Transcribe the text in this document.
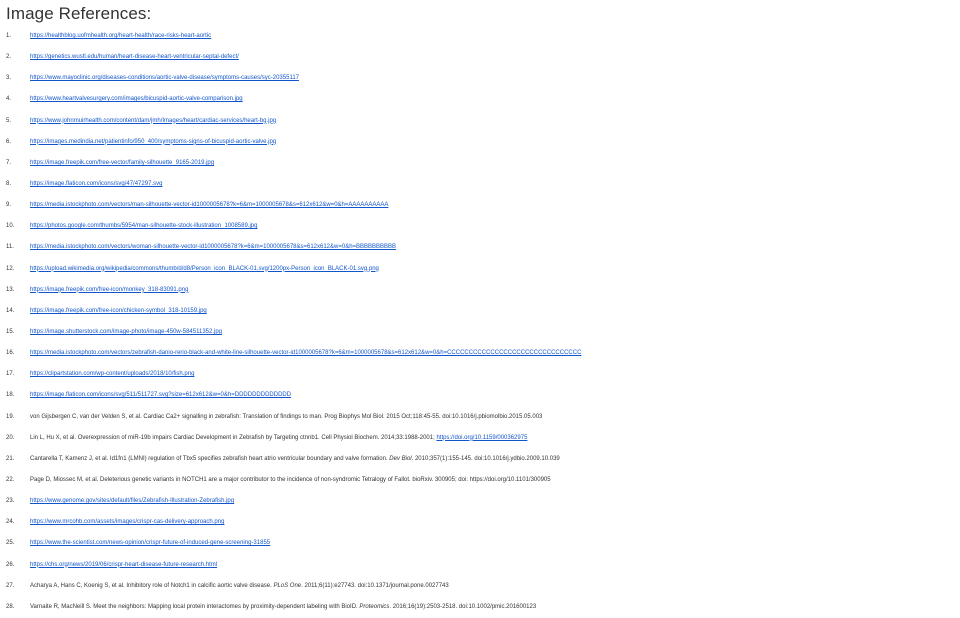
Image References:
1.	https://healthblog.uofmhealth.org/heart-health/race-risks-heart-aortic
2.	https://genetics.wustl.edu/human/heart-disease-heart-ventricular-septal-defect/
3.	https://www.mayoclinic.org/diseases-conditions/aortic-valve-disease/symptoms-causes/syc-20355117
4.	https://www.heartvalvesurgery.com/images/bicuspid-aortic-valve-comparison.jpg
5.	https://www.johnmuirhealth.com/content/dam/jmh/Images/heart/cardiac-services/heart-bg.jpg
6.	https://images.medindia.net/patientinfo/950_400/symptoms-signs-of-bicuspid-aortic-valve.jpg
7.	https://image.freepik.com/free-vector/family-silhouette_9165-2019.jpg
8.	https://image.flaticon.com/icons/svg/47/47297.svg
9.	https://media.istockphoto.com/vectors/man-silhouette-vector-id1000005678?k=6&m=1000005678&s=612x612&w=0&h=AAAAAAAAAA
10.	https://photos.google.com/thumbs/5954/man-silhouette-stock-illustration_1008589.jpg
11.	https://media.istockphoto.com/vectors/woman-silhouette-vector-id1000005678?k=6&m=1000005678&s=612x612&w=0&h=BBBBBBBBBB
12.	https://upload.wikimedia.org/wikipedia/commons/thumb/d/d8/Person_icon_BLACK-01.svg/1200px-Person_icon_BLACK-01.svg.png
13.	https://image.freepik.com/free-icon/monkey_318-83091.png
14.	https://image.freepik.com/free-icon/chicken-symbol_318-10159.jpg
15.	https://image.shutterstock.com/image-photo/image-450w-584511352.jpg
16.	https://media.istockphoto.com/vectors/zebrafish-danio-rerio-black-and-white-line-silhouette-vector-id1000005678?k=6&m=1000005678&s=612x612&w=0&h=CCCCCCCCCCCCCCCCCCCCCCCCCCCCCCC
17.	https://clipartstation.com/wp-content/uploads/2018/10/fish.png
18.	https://image.flaticon.com/icons/svg/511/511727.svg?size=612x612&w=0&h=DDDDDDDDDDDDD
19.	von Gijsbergen C, van der Velden S, et al. Cardiac Ca2+ signalling in zebrafish: Translation of findings to man. Prog Biophys Mol Biol. 2015 Oct;118:45-55. doi:10.1016/j.pbiomolbio.2015.05.003
20.	Lin L, Hu X, et al. Overexpression of miR-19b impairs Cardiac Development in Zebrafish by Targeting ctnnb1. Cell Physiol Biochem. 2014;33:1988-2001; https://doi.org/10.1159/000362975
21.	Cantarella T, Kamenz J, et al. Id1fn1 (LMNI) regulation of Tbx5 specifies zebrafish heart atrio ventricular boundary and valve formation. Dev Biol. 2010;357(1):155-145. doi:10.1016/j.ydbio.2009.10.039
22.	Page D, Miossec M, et al. Deleterious genetic variants in NOTCH1 are a major contributor to the incidence of non-syndromic Tetralogy of Fallot. bioRxiv. 300905; doi: https://doi.org/10.1101/300905
23.	https://www.genome.gov/sites/default/files/Zebrafish-Illustration-Zebrafish.jpg
24.	https://www.mrcohb.com/assets/images/crispr-cas-delivery-approach.png
25.	https://www.the-scientist.com/news-opinion/crispr-future-of-induced-gene-screening-31855
26.	https://chs.org/news/2019/06/crispr-heart-disease-future-research.html
27.	Acharya A, Hans C, Koenig S, et al. Inhibitory role of Notch1 in calcific aortic valve disease. PLoS One. 2011;6(11):e27743. doi:10.1371/journal.pone.0027743
28.	Varnaite R, MacNeill S. Meet the neighbors: Mapping local protein interactomes by proximity-dependent labeling with BioID. Proteomics. 2016;16(19):2503-2518. doi:10.1002/pmic.201600123
